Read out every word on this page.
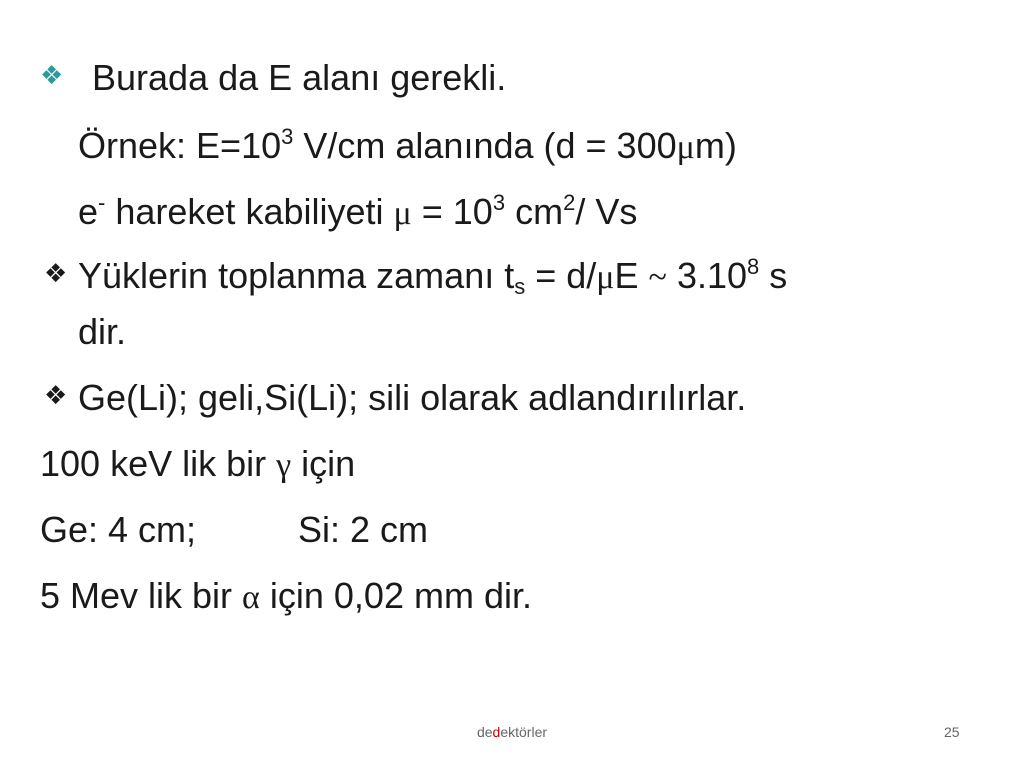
❖ Burada da E alanı gerekli.
Örnek: $E=10^3$ V/cm alanında (d = 300μm)
e- hareket kabiliyeti $\mu = 10^3$ $cm^2/$ Vs
❖ Yüklerin toplanma zamanı $t_s = d/\mu E$ ~ 3.10$^8$ s
dir.
❖ Ge(Li); geli,Si(Li); sili olarak adlandırılırlar.
100 keV lik bir γ için
Ge: 4 cm;	Si: 2 cm
5 Mev lik bir α için 0,02 mm dir.
dedektörler	25
